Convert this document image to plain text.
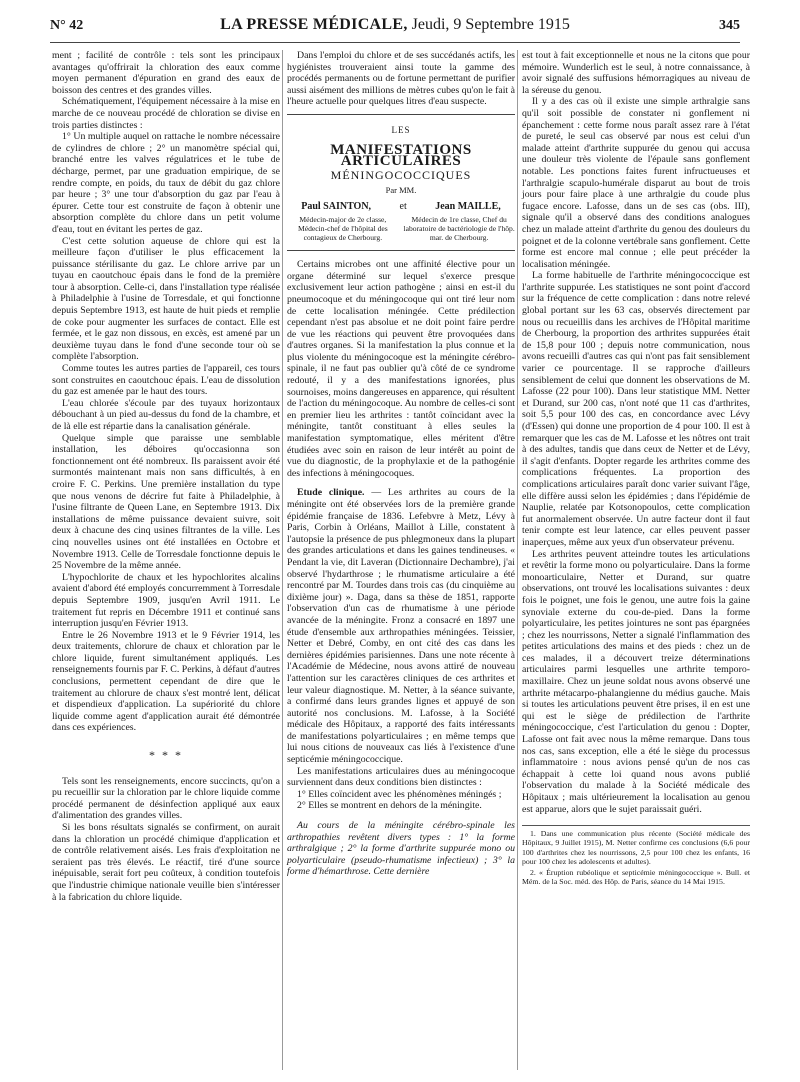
N° 42	LA PRESSE MÉDICALE, Jeudi, 9 Septembre 1915	345

ment ; facilité de contrôle : tels sont les principaux avantages qu'offrirait la chloration des eaux comme moyen permanent d'épuration en grand des eaux de boisson des centres et des grandes villes.

Schématiquement, l'équipement nécessaire à la mise en marche de ce nouveau procédé de chloration se divise en trois parties distinctes :

1° Un multiple auquel on rattache le nombre nécessaire de cylindres de chlore ; 2° un manomètre spécial qui, branché entre les valves régulatrices et le tube de décharge, permet, par une graduation empirique, de se rendre compte, en poids, du taux de débit du gaz chlore par heure ; 3° une tour d'absorption du gaz par l'eau à épurer. Cette tour est construite de façon à obtenir une absorption complète du chlore dans un petit volume d'eau, tout en évitant les pertes de gaz.

C'est cette solution aqueuse de chlore qui est la meilleure façon d'utiliser le plus efficacement la puissance stérilisante du gaz. Le chlore arrive par un tuyau en caoutchouc épais dans le fond de la première tour à absorption. Celle-ci, dans l'installation type réalisée à Philadelphie à l'usine de Torresdale, et qui fonctionne depuis Septembre 1913, est haute de huit pieds et remplie de coke pour augmenter les surfaces de contact. Elle est fermée, et le gaz non dissous, en excès, est amené par un deuxième tuyau dans le fond d'une seconde tour où se complète l'absorption.

Comme toutes les autres parties de l'appareil, ces tours sont construites en caoutchouc épais. L'eau de dissolution du gaz est amenée par le haut des tours.

L'eau chlorée s'écoule par des tuyaux horizontaux débouchant à un pied au-dessus du fond de la chambre, et de là elle est répartie dans la canalisation générale.

Quelque simple que paraisse une semblable installation, les déboires qu'occasionna son fonctionnement ont été nombreux. Ils paraissent avoir été surmontés maintenant mais non sans difficultés, à en croire F. C. Perkins. Une première installation du type que nous venons de décrire fut faite à Philadelphie, à l'usine filtrante de Queen Lane, en Septembre 1913. Dix installations de même puissance devaient suivre, soit deux à chacune des cinq usines filtrantes de la ville. Les cinq nouvelles usines ont été installées en Octobre et Novembre 1913. Celle de Torresdale fonctionne depuis le 25 Novembre de la même année.

L'hypochlorite de chaux et les hypochlorites alcalins avaient d'abord été employés concurremment à Torresdale depuis Septembre 1909, jusqu'en Avril 1911. Le traitement fut repris en Décembre 1911 et continué sans interruption jusqu'en Février 1913.

Entre le 26 Novembre 1913 et le 9 Février 1914, les deux traitements, chlorure de chaux et chloration par le chlore liquide, furent simultanément appliqués. Les renseignements fournis par F. C. Perkins, à défaut d'autres conclusions, permettent cependant de dire que le traitement au chlorure de chaux s'est montré lent, délicat et dispendieux d'application. La supériorité du chlore liquide comme agent d'application aurait été démontrée dans ces expériences.

* * *

Tels sont les renseignements, encore succincts, qu'on a pu recueillir sur la chloration par le chlore liquide comme procédé permanent de désinfection appliqué aux eaux d'alimentation des grandes villes.

Si les bons résultats signalés se confirment, on aurait dans la chloration un procédé chimique d'application et de contrôle relativement aisés. Les frais d'exploitation ne seraient pas très élevés. Le réactif, tiré d'une source inépuisable, serait fort peu coûteux, à condition toutefois que l'industrie chimique nationale veuille bien s'intéresser à la fabrication du chlore liquide.

Dans l'emploi du chlore et de ses succédanés actifs, les hygiénistes trouveraient ainsi toute la gamme des procédés permanents ou de fortune permettant de purifier aussi aisément des millions de mètres cubes qu'on le fait à l'heure actuelle pour quelques litres d'eau suspecte.

LES
MANIFESTATIONS ARTICULAIRES
MÉNINGOCOCCIQUES
Par MM.
Paul SAINTON,	et	Jean MAILLE,
Médecin-major de 2e classe, Médecin-chef de l'hôpital des contagieux de Cherbourg.
Médecin de 1re classe, Chef du laboratoire de bactériologie de l'hôp. mar. de Cherbourg.

Certains microbes ont une affinité élective pour un organe déterminé sur lequel s'exerce presque exclusivement leur action pathogène ; ainsi en est-il du pneumocoque et du méningocoque qui ont tiré leur nom de cette localisation méningée. Cette prédilection cependant n'est pas absolue et ne doit point faire perdre de vue les réactions qui peuvent être provoquées dans d'autres organes. Si la manifestation la plus connue et la plus violente du méningocoque est la méningite cérébro-spinale, il ne faut pas oublier qu'à côté de ce syndrome redouté, il y a des manifestations ignorées, plus sournoises, moins dangereuses en apparence, qui résultent de l'action du méningocoque. Au nombre de celles-ci sont en premier lieu les arthrites : tantôt coïncidant avec la méningite, tantôt constituant à elles seules la manifestation symptomatique, elles méritent d'être étudiées avec soin en raison de leur intérêt au point de vue du diagnostic, de la prophylaxie et de la pathogénie des infections à méningocoques.

Etude clinique. — Les arthrites au cours de la méningite ont été observées lors de la première grande épidémie française de 1836. Lefebvre à Metz, Lévy à Paris, Corbin à Orléans, Maillot à Lille, constatent à l'autopsie la présence de pus phlegmoneux dans la plupart des grandes articulations et dans les gaines tendineuses. « Pendant la vie, dit Laveran (Dictionnaire Dechambre), j'ai observé l'hydarthrose ; le rhumatisme articulaire a été rencontré par M. Tourdes dans trois cas (du cinquième au dixième jour) ». Daga, dans sa thèse de 1851, rapporte l'observation d'un cas de rhumatisme à une période avancée de la méningite. Fronz a consacré en 1897 une étude d'ensemble aux arthropathies méningées. Teissier, Netter et Debré, Comby, en ont cité des cas dans les dernières épidémies parisiennes. Dans une note récente à l'Académie de Médecine, nous avons attiré de nouveau l'attention sur les caractères cliniques de ces arthrites et leur valeur diagnostique. M. Netter, à la séance suivante, a confirmé dans leurs grandes lignes et appuyé de son autorité nos conclusions. M. Lafosse, à la Société médicale des Hôpitaux, a rapporté des faits intéressants de manifestations polyarticulaires ; en même temps que lui nous citions de nouveaux cas liés à l'existence d'une septicémie méningococcique.

Les manifestations articulaires dues au méningocoque surviennent dans deux conditions bien distinctes :

1° Elles coïncident avec les phénomènes méningés ;

2° Elles se montrent en dehors de la méningite.

Au cours de la méningite cérébro-spinale les arthropathies revêtent divers types : 1° la forme arthralgique ; 2° la forme d'arthrite suppurée mono ou polyarticulaire (pseudo-rhumatisme infectieux) ; 3° la forme d'hémarthrose. Cette dernière

est tout à fait exceptionnelle et nous ne la citons que pour mémoire. Wunderlich est le seul, à notre connaissance, à avoir signalé des suffusions hémorragiques au niveau de la séreuse du genou.

Il y a des cas où il existe une simple arthralgie sans qu'il soit possible de constater ni gonflement ni épanchement : cette forme nous paraît assez rare à l'état de pureté, le seul cas observé par nous est celui d'un malade atteint d'arthrite suppurée du genou qui accusa une douleur très violente de l'épaule sans gonflement notable. Les ponctions faites furent infructueuses et l'arthralgie scapulo-humérale disparut au bout de trois jours pour faire place à une arthralgie du coude plus fugace encore. Lafosse, dans un de ses cas (obs. III), signale qu'il a observé dans des conditions analogues chez un malade atteint d'arthrite du genou des douleurs du poignet et de la colonne vertébrale sans gonflement. Cette forme est encore mal connue ; elle peut précéder la localisation méningée.

La forme habituelle de l'arthrite méningococcique est l'arthrite suppurée. Les statistiques ne sont point d'accord sur la fréquence de cette complication : dans notre relevé global portant sur les 63 cas, observés directement par nous ou recueillis dans les archives de l'Hôpital maritime de Cherbourg, la proportion des arthrites suppurées était de 15,8 pour 100 ; depuis notre communication, nous avons recueilli d'autres cas qui n'ont pas fait sensiblement varier ce pourcentage. Il se rapproche d'ailleurs sensiblement de celui que donnent les observations de M. Lafosse (22 pour 100). Dans leur statistique MM. Netter et Durand, sur 200 cas, n'ont noté que 11 cas d'arthrites, soit 5,5 pour 100 des cas, en concordance avec Lévy (d'Essen) qui donne une proportion de 4 pour 100. Il est à remarquer que les cas de M. Lafosse et les nôtres ont trait à des adultes, tandis que dans ceux de Netter et de Lévy, il s'agit d'enfants. Dopter regarde les arthrites comme des complications fréquentes. La proportion des complications articulaires paraît donc varier suivant l'âge, elle diffère aussi selon les épidémies ; dans l'épidémie de Nauplie, relatée par Kotsonopoulos, cette complication fut anormalement observée. Un autre facteur dont il faut tenir compte est leur latence, car elles peuvent passer inaperçues, même aux yeux d'un observateur prévenu.

Les arthrites peuvent atteindre toutes les articulations et revêtir la forme mono ou polyarticulaire. Dans la forme monoarticulaire, Netter et Durand, sur quatre observations, ont trouvé les localisations suivantes : deux fois le poignet, une fois le genou, une autre fois la gaine synoviale externe du cou-de-pied. Dans la forme polyarticulaire, les petites jointures ne sont pas épargnées ; chez les nourrissons, Netter a signalé l'inflammation des petites articulations des mains et des pieds : chez un de ces malades, il a découvert treize déterminations articulaires parmi lesquelles une arthrite temporo-maxillaire. Chez un jeune soldat nous avons observé une arthrite métacarpo-phalangienne du médius gauche. Mais si toutes les articulations peuvent être prises, il en est une qui est le siège de prédilection de l'arthrite méningococcique, c'est l'articulation du genou : Dopter, Lafosse ont fait avec nous la même remarque. Dans tous nos cas, sans exception, elle a été le siège du processus inflammatoire : nous avions pensé qu'un de nos cas échappait à cette loi quand nous avons publié l'observation du malade à la Société médicale des Hôpitaux ; mais ultérieurement la localisation au genou est apparue, alors que le sujet paraissait guéri.

1. Dans une communication plus récente (Société médicale des Hôpitaux, 9 Juillet 1915), M. Netter confirme ces conclusions (6,6 pour 100 d'arthrites chez les nourrissons, 2,5 pour 100 chez les enfants, 16 pour 100 chez les adolescents et adultes).

2. « Éruption rubéolique et septicémie méningococcique ». Bull. et Mém. de la Soc. méd. des Hôp. de Paris, séance du 14 Mai 1915.
